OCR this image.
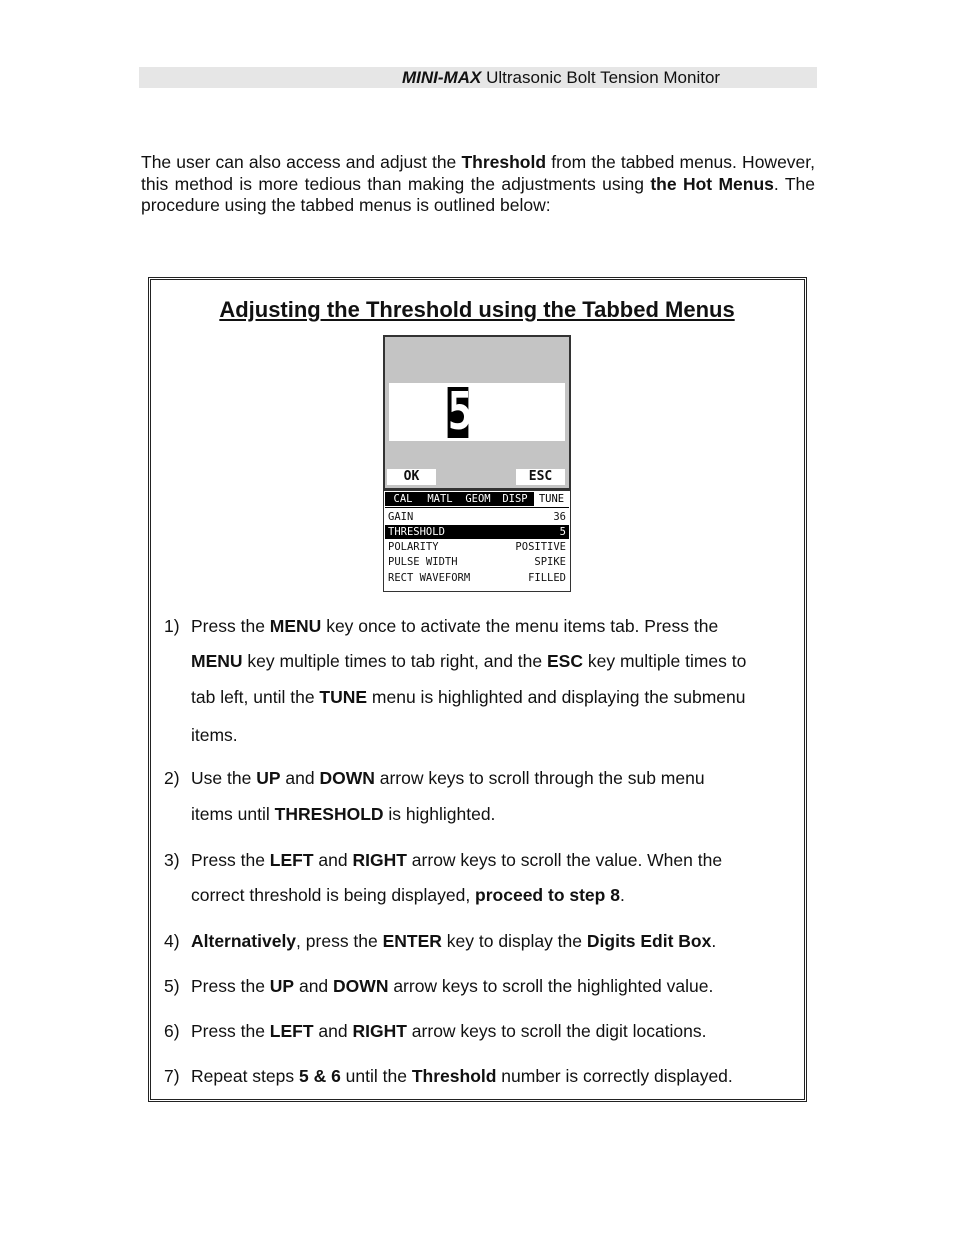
MINI-MAX Ultrasonic Bolt Tension Monitor

The user can also access and adjust the Threshold from the tabbed menus. However, this method is more tedious than making the adjustments using the Hot Menus. The procedure using the tabbed menus is outlined below:

Adjusting the Threshold using the Tabbed Menus
5
OK	ESC
CAL	MATL	GEOM	DISP	TUNE
GAIN	36
THRESHOLD	5
POLARITY	POSITIVE
PULSE WIDTH	SPIKE
RECT WAVEFORM	FILLED
1) Press the MENU key once to activate the menu items tab. Press the
MENU key multiple times to tab right, and the ESC key multiple times to
tab left, until the TUNE menu is highlighted and displaying the submenu
items.
2) Use the UP and DOWN arrow keys to scroll through the sub menu
items until THRESHOLD is highlighted.
3) Press the LEFT and RIGHT arrow keys to scroll the value. When the
correct threshold is being displayed, proceed to step 8.
4) Alternatively, press the ENTER key to display the Digits Edit Box.
5) Press the UP and DOWN arrow keys to scroll the highlighted value.
6) Press the LEFT and RIGHT arrow keys to scroll the digit locations.
7) Repeat steps 5 & 6 until the Threshold number is correctly displayed.
